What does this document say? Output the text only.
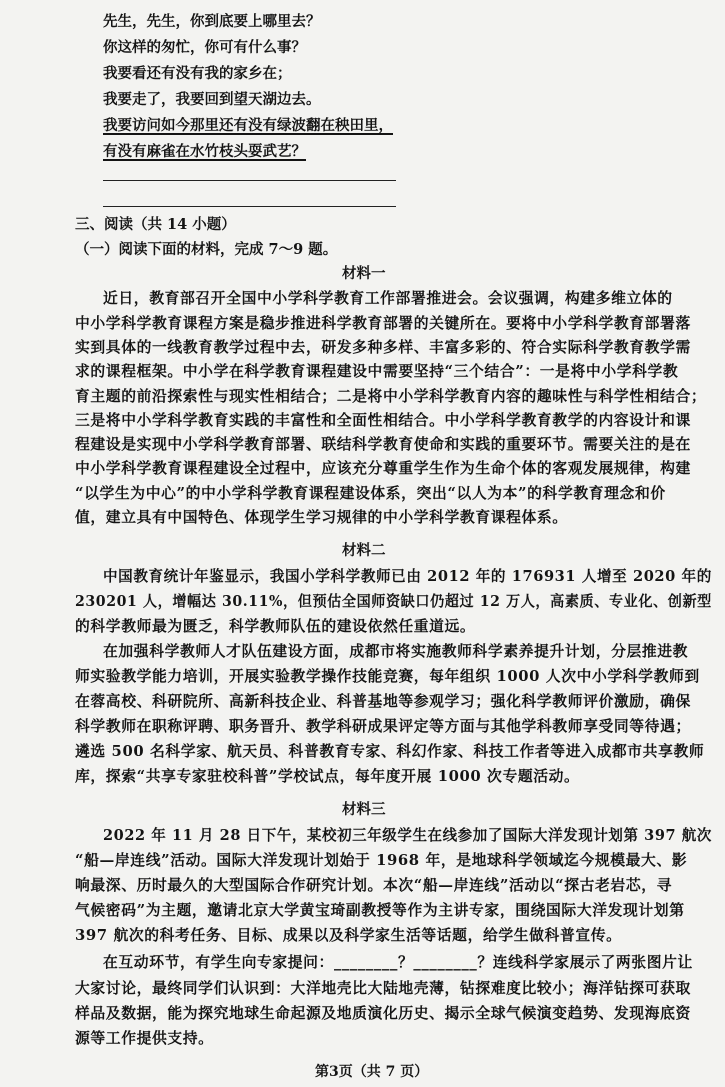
先生，先生，你到底要上哪里去？
你这样的匆忙，你可有什么事？
我要看还有没有我的家乡在；
我要走了，我要回到望天湖边去。
我要访问如今那里还有没有绿波翻在秧田里，
有没有麻雀在水竹枝头耍武艺？
三、阅读（共 14 小题）
（一）阅读下面的材料，完成 7～9 题。
材料一
近日，教育部召开全国中小学科学教育工作部署推进会。会议强调，构建多维立体的
中小学科学教育课程方案是稳步推进科学教育部署的关键所在。要将中小学科学教育部署落
实到具体的一线教育教学过程中去，研发多种多样、丰富多彩的、符合实际科学教育教学需
求的课程框架。中小学在科学教育课程建设中需要坚持“三个结合”：一是将中小学科学教
育主题的前沿探索性与现实性相结合；二是将中小学科学教育内容的趣味性与科学性相结合；
三是将中小学科学教育实践的丰富性和全面性相结合。中小学科学教育教学的内容设计和课
程建设是实现中小学科学教育部署、联结科学教育使命和实践的重要环节。需要关注的是在
中小学科学教育课程建设全过程中，应该充分尊重学生作为生命个体的客观发展规律，构建
“以学生为中心”的中小学科学教育课程建设体系，突出“以人为本”的科学教育理念和价
值，建立具有中国特色、体现学生学习规律的中小学科学教育课程体系。
材料二
中国教育统计年鉴显示，我国小学科学教师已由 2012 年的 176931 人增至 2020 年的
230201 人，增幅达 30.11%，但预估全国师资缺口仍超过 12 万人，高素质、专业化、创新型
的科学教师最为匮乏，科学教师队伍的建设依然任重道远。
在加强科学教师人才队伍建设方面，成都市将实施教师科学素养提升计划，分层推进教
师实验教学能力培训，开展实验教学操作技能竞赛，每年组织 1000 人次中小学科学教师到
在蓉高校、科研院所、高新科技企业、科普基地等参观学习；强化科学教师评价激励，确保
科学教师在职称评聘、职务晋升、教学科研成果评定等方面与其他学科教师享受同等待遇；
遴选 500 名科学家、航天员、科普教育专家、科幻作家、科技工作者等进入成都市共享教师
库，探索“共享专家驻校科普”学校试点，每年度开展 1000 次专题活动。
材料三
2022 年 11 月 28 日下午，某校初三年级学生在线参加了国际大洋发现计划第 397 航次
“船—岸连线”活动。国际大洋发现计划始于 1968 年，是地球科学领域迄今规模最大、影
响最深、历时最久的大型国际合作研究计划。本次“船—岸连线”活动以“探古老岩芯，寻
气候密码”为主题，邀请北京大学黄宝琦副教授等作为主讲专家，围绕国际大洋发现计划第
397 航次的科考任务、目标、成果以及科学家生活等话题，给学生做科普宣传。
在互动环节，有学生向专家提问：________？________？连线科学家展示了两张图片让
大家讨论，最终同学们认识到：大洋地壳比大陆地壳薄，钻探难度比较小；海洋钻探可获取
样品及数据，能为探究地球生命起源及地质演化历史、揭示全球气候演变趋势、发现海底资
源等工作提供支持。
第3页（共 7 页）
